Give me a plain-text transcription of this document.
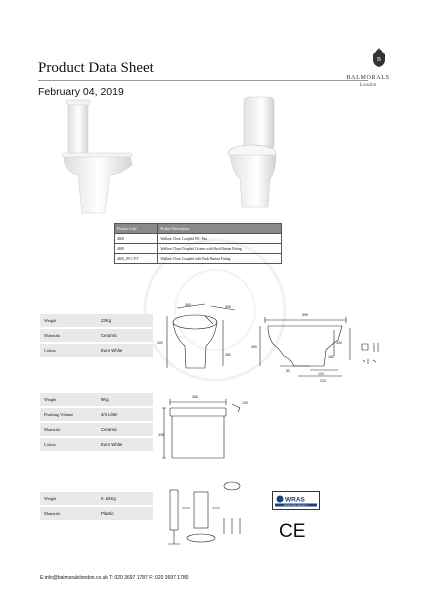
Product Data Sheet
February 04, 2019
B
BALMORALS
London
Product Code	Product Description
4603	Wallace Close Coupled WC Pan
4605	Wallace Close Coupled Cistern with Push Button Fitting
4603_09 C P F	Wallace Close Coupled with Push Button Fitting
Weight	23Kg
Materials	Ceramic
Colour	Euro White
360	395
400
380
595
390
400
180
50
124
223
Weight	9Kg
Flushing Volume	4/4 Litter
Materials	Ceramic
Colour	Euro White
365
130
335
Weight	0. 64Kg
Materials	Plastic
WRAS
APPROVED PRODUCT
CE
E:info@balmoralslondon.co.uk T: 020 3697 1787 F: 020 3697 1780
